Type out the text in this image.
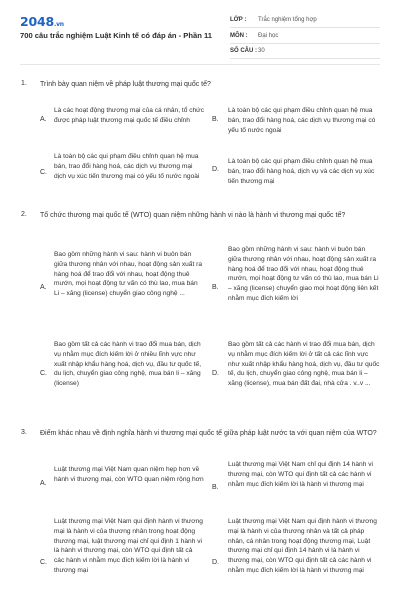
2048.vn
700 câu trắc nghiệm Luật Kinh tế có đáp án - Phần 11
LỚP : Trắc nghiệm tổng hợp
MÔN : Đại học
SỐ CÂU : 30
1. Trình bày quan niệm về pháp luật thương mại quốc tế?
A.
Là các hoạt động thương mại của cá nhân, tổ chức được pháp luật thương mại quốc tế điều chỉnh	B.
Là toàn bộ các qui phạm điều chỉnh quan hệ mua bán, trao đổi hàng hoá, các dịch vụ thương mại có yếu tố nước ngoài
C.
Là toàn bộ các qui phạm điều chỉnh quan hệ mua bán, trao đổi hàng hoá, các dịch vụ thương mại dịch vụ xúc tiến thương mại có yếu tố nước ngoài
D.
Là toàn bộ các qui phạm điều chỉnh quan hệ mua bán, trao đổi hàng hoá, dịch vụ và các dịch vụ xúc tiến thương mại
2. Tổ chức thương mại quốc tế (WTO) quan niệm những hành vi nào là hành vi thương mại quốc tế?
A.
Bao gồm những hành vi sau: hành vi buôn bán giữa thương nhân với nhau, hoạt động sản xuất ra hàng hoá để trao đổi với nhau, hoạt động thuê mướn, mọi hoạt động tư vấn có thù lao, mua bán Li – xăng (license) chuyển giao công nghệ ...
B.
Bao gồm những hành vi sau: hành vi buôn bán giữa thương nhân với nhau, hoạt động sản xuất ra hàng hoá để trao đổi với nhau, hoạt động thuê mướn, mọi hoạt động tư vấn có thù lao, mua bán Li – xăng (license) chuyển giao mọi hoạt động liên kết nhằm mục đích kiếm lời
C.
Bao gồm tất cả các hành vi trao đổi mua bán, dịch vụ nhằm mục đích kiếm lời ở nhiều lĩnh vực như xuất nhập khẩu hàng hoá, dịch vụ, đầu tư quốc tế, du lịch, chuyển giao công nghệ, mua bán li – xăng (license)
D.
Bao gồm tất cả các hành vi trao đổi mua bán, dịch vụ nhằm mục đích kiếm lời ở tất cả các lĩnh vực như xuất nhập khẩu hàng hoá, dịch vụ, đầu tư quốc tế, du lịch, chuyển giao công nghệ, mua bán li – xăng (license), mua bán đất đai, nhà cửa . v..v ...
3. Điểm khác nhau về định nghĩa hành vi thương mại quốc tế giữa pháp luật nước ta với quan niệm của WTO?
A.
Luật thương mại Việt Nam quan niệm hẹp hơn về hành vi thương mại, còn WTO quan niệm rộng hơn
B.
Luật thương mại Việt Nam chỉ qui định 14 hành vi thương mại, còn WTO qui định tất cả các hành vi nhằm mục đích kiếm lời là hành vi thương mại
C.
Luật thương mại Việt Nam qui định hành vi thương mại là hành vi của thương nhân trong hoạt động thương mại, luật thương mại chỉ qui định 1 hành vi là hành vi thương mại, còn WTO qui định tất cả các hành vi nhằm mục đích kiếm lời là hành vi thương mại
D.
Luật thương mại Việt Nam qui định hành vi thương mại là hành vi của thương nhân và tất cả pháp nhân, cá nhân trong hoạt động thương mại, Luật thương mại chỉ qui định 14 hành vi là hành vi thương mại, còn WTO qui định tất cả các hành vi nhằm mục đích kiếm lời là hành vi thương mại
